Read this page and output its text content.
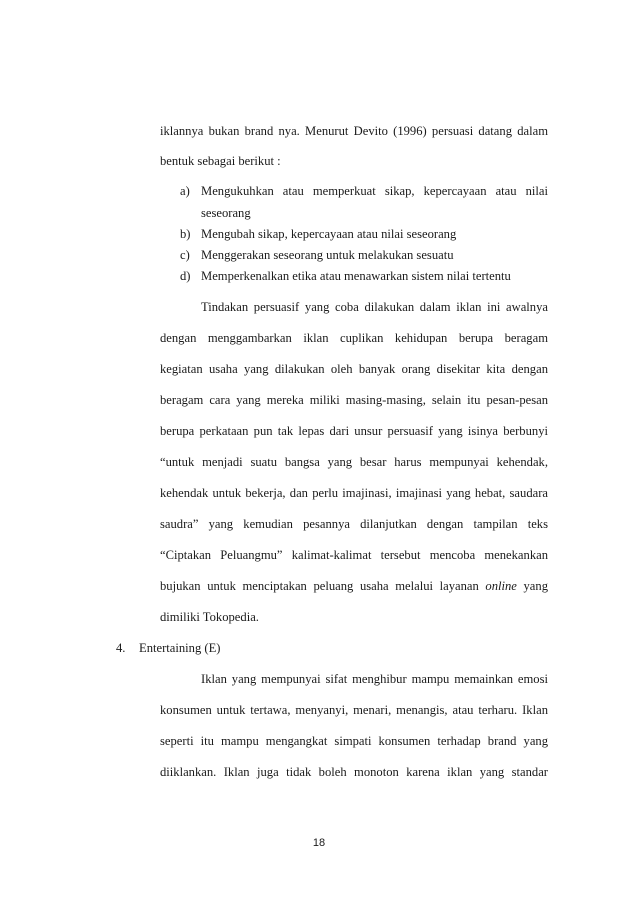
iklannya bukan brand nya. Menurut Devito (1996) persuasi datang dalam
bentuk sebagai berikut :
a) Mengukuhkan atau memperkuat sikap, kepercayaan atau nilai
seseorang
b) Mengubah sikap, kepercayaan atau nilai seseorang
c) Menggerakan seseorang untuk melakukan sesuatu
d) Memperkenalkan etika atau menawarkan sistem nilai tertentu
Tindakan persuasif yang coba dilakukan dalam iklan ini awalnya
dengan menggambarkan iklan cuplikan kehidupan berupa beragam
kegiatan usaha yang dilakukan oleh banyak orang disekitar kita dengan
beragam cara yang mereka miliki masing-masing, selain itu pesan-pesan
berupa perkataan pun tak lepas dari unsur persuasif yang isinya berbunyi
“untuk menjadi suatu bangsa yang besar harus mempunyai kehendak,
kehendak untuk bekerja, dan perlu imajinasi, imajinasi yang hebat, saudara
saudra” yang kemudian pesannya dilanjutkan dengan tampilan teks
“Ciptakan Peluangmu” kalimat-kalimat tersebut mencoba menekankan
bujukan untuk menciptakan peluang usaha melalui layanan online yang
dimiliki Tokopedia.
4. Entertaining (E)
Iklan yang mempunyai sifat menghibur mampu memainkan emosi
konsumen untuk tertawa, menyanyi, menari, menangis, atau terharu. Iklan
seperti itu mampu mengangkat simpati konsumen terhadap brand yang
diiklankan. Iklan juga tidak boleh monoton karena iklan yang standar
18
